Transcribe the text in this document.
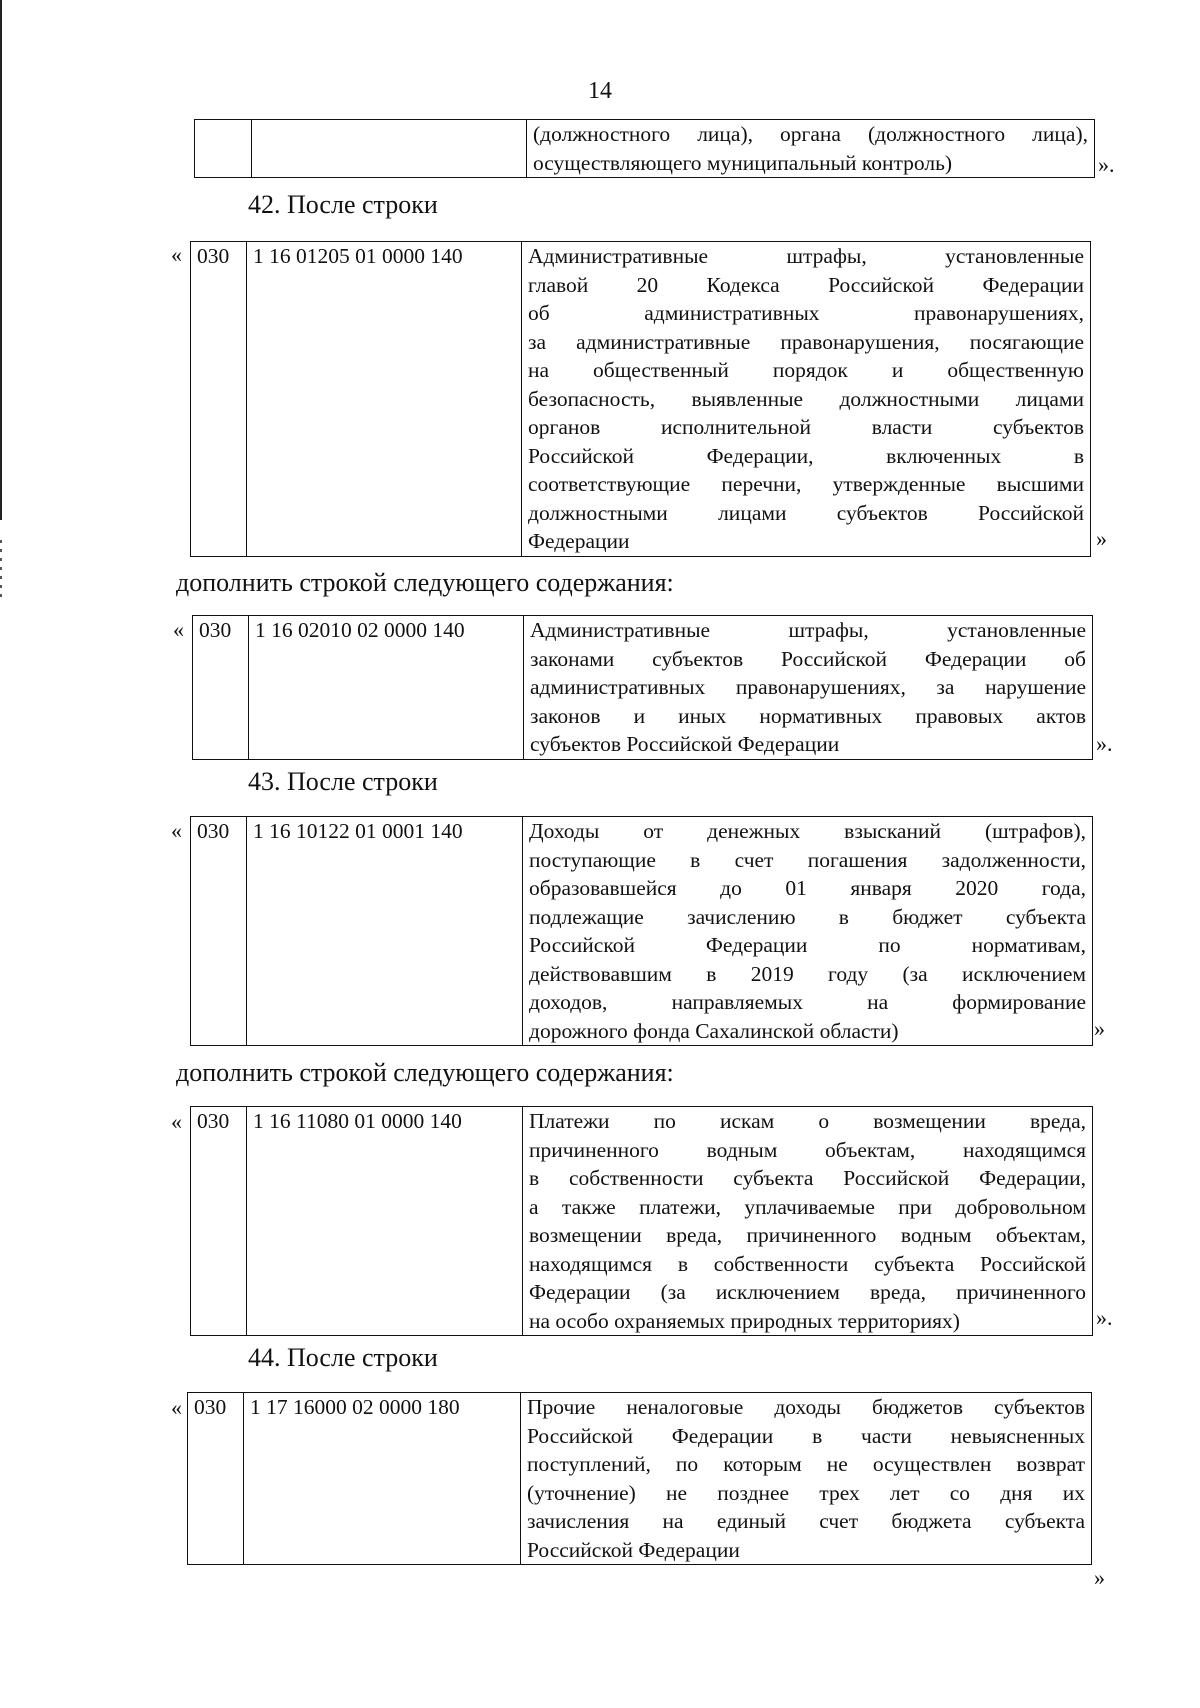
14

(должностного лица), органа (должностного лица),
осуществляющего муниципальный контроль)	».
42. После строки
« 030	1 16 01205 01 0000 140	Административные штрафы, установленные
главой 20 Кодекса Российской Федерации
об административных правонарушениях,
за административные правонарушения, посягающие
на общественный порядок и общественную
безопасность, выявленные должностными лицами
органов исполнительной власти субъектов
Российской Федерации, включенных в
соответствующие перечни, утвержденные высшими
должностными лицами субъектов Российской
Федерации	»
дополнить строкой следующего содержания:
« 030	1 16 02010 02 0000 140	Административные штрафы, установленные
законами субъектов Российской Федерации об
административных правонарушениях, за нарушение
законов и иных нормативных правовых актов
субъектов Российской Федерации	».
43. После строки
« 030	1 16 10122 01 0001 140	Доходы от денежных взысканий (штрафов),
поступающие в счет погашения задолженности,
образовавшейся до 01 января 2020 года,
подлежащие зачислению в бюджет субъекта
Российской Федерации по нормативам,
действовавшим в 2019 году (за исключением
доходов, направляемых на формирование
дорожного фонда Сахалинской области)	»
дополнить строкой следующего содержания:
« 030	1 16 11080 01 0000 140	Платежи по искам о возмещении вреда,
причиненного водным объектам, находящимся
в собственности субъекта Российской Федерации,
а также платежи, уплачиваемые при добровольном
возмещении вреда, причиненного водным объектам,
находящимся в собственности субъекта Российской
Федерации (за исключением вреда, причиненного
на особо охраняемых природных территориях)	».
44. После строки
« 030	1 17 16000 02 0000 180	Прочие неналоговые доходы бюджетов субъектов
Российской Федерации в части невыясненных
поступлений, по которым не осуществлен возврат
(уточнение) не позднее трех лет со дня их
зачисления на единый счет бюджета субъекта
Российской Федерации
»
